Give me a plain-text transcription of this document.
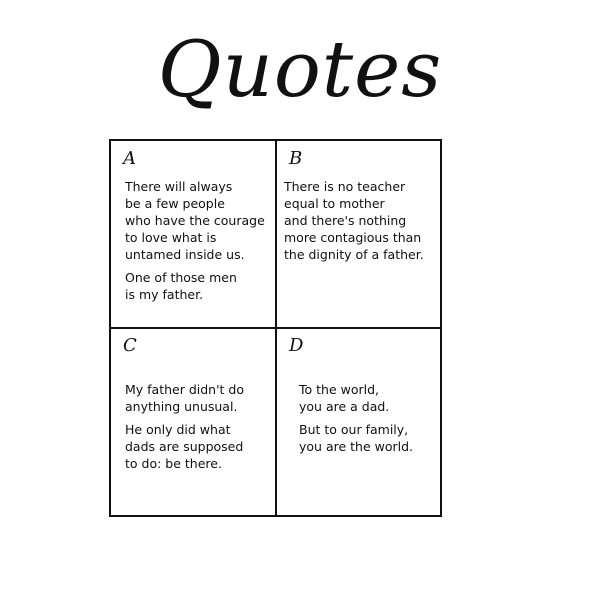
Quotes
A

There will always
be a few people
who have the courage
to love what is
untamed inside us.

One of those men
is my father.

B

There is no teacher
equal to mother
and there's nothing
more contagious than
the dignity of a father.

C

My father didn't do
anything unusual.

He only did what
dads are supposed
to do: be there.

D

To the world,
you are a dad.

But to our family,
you are the world.
